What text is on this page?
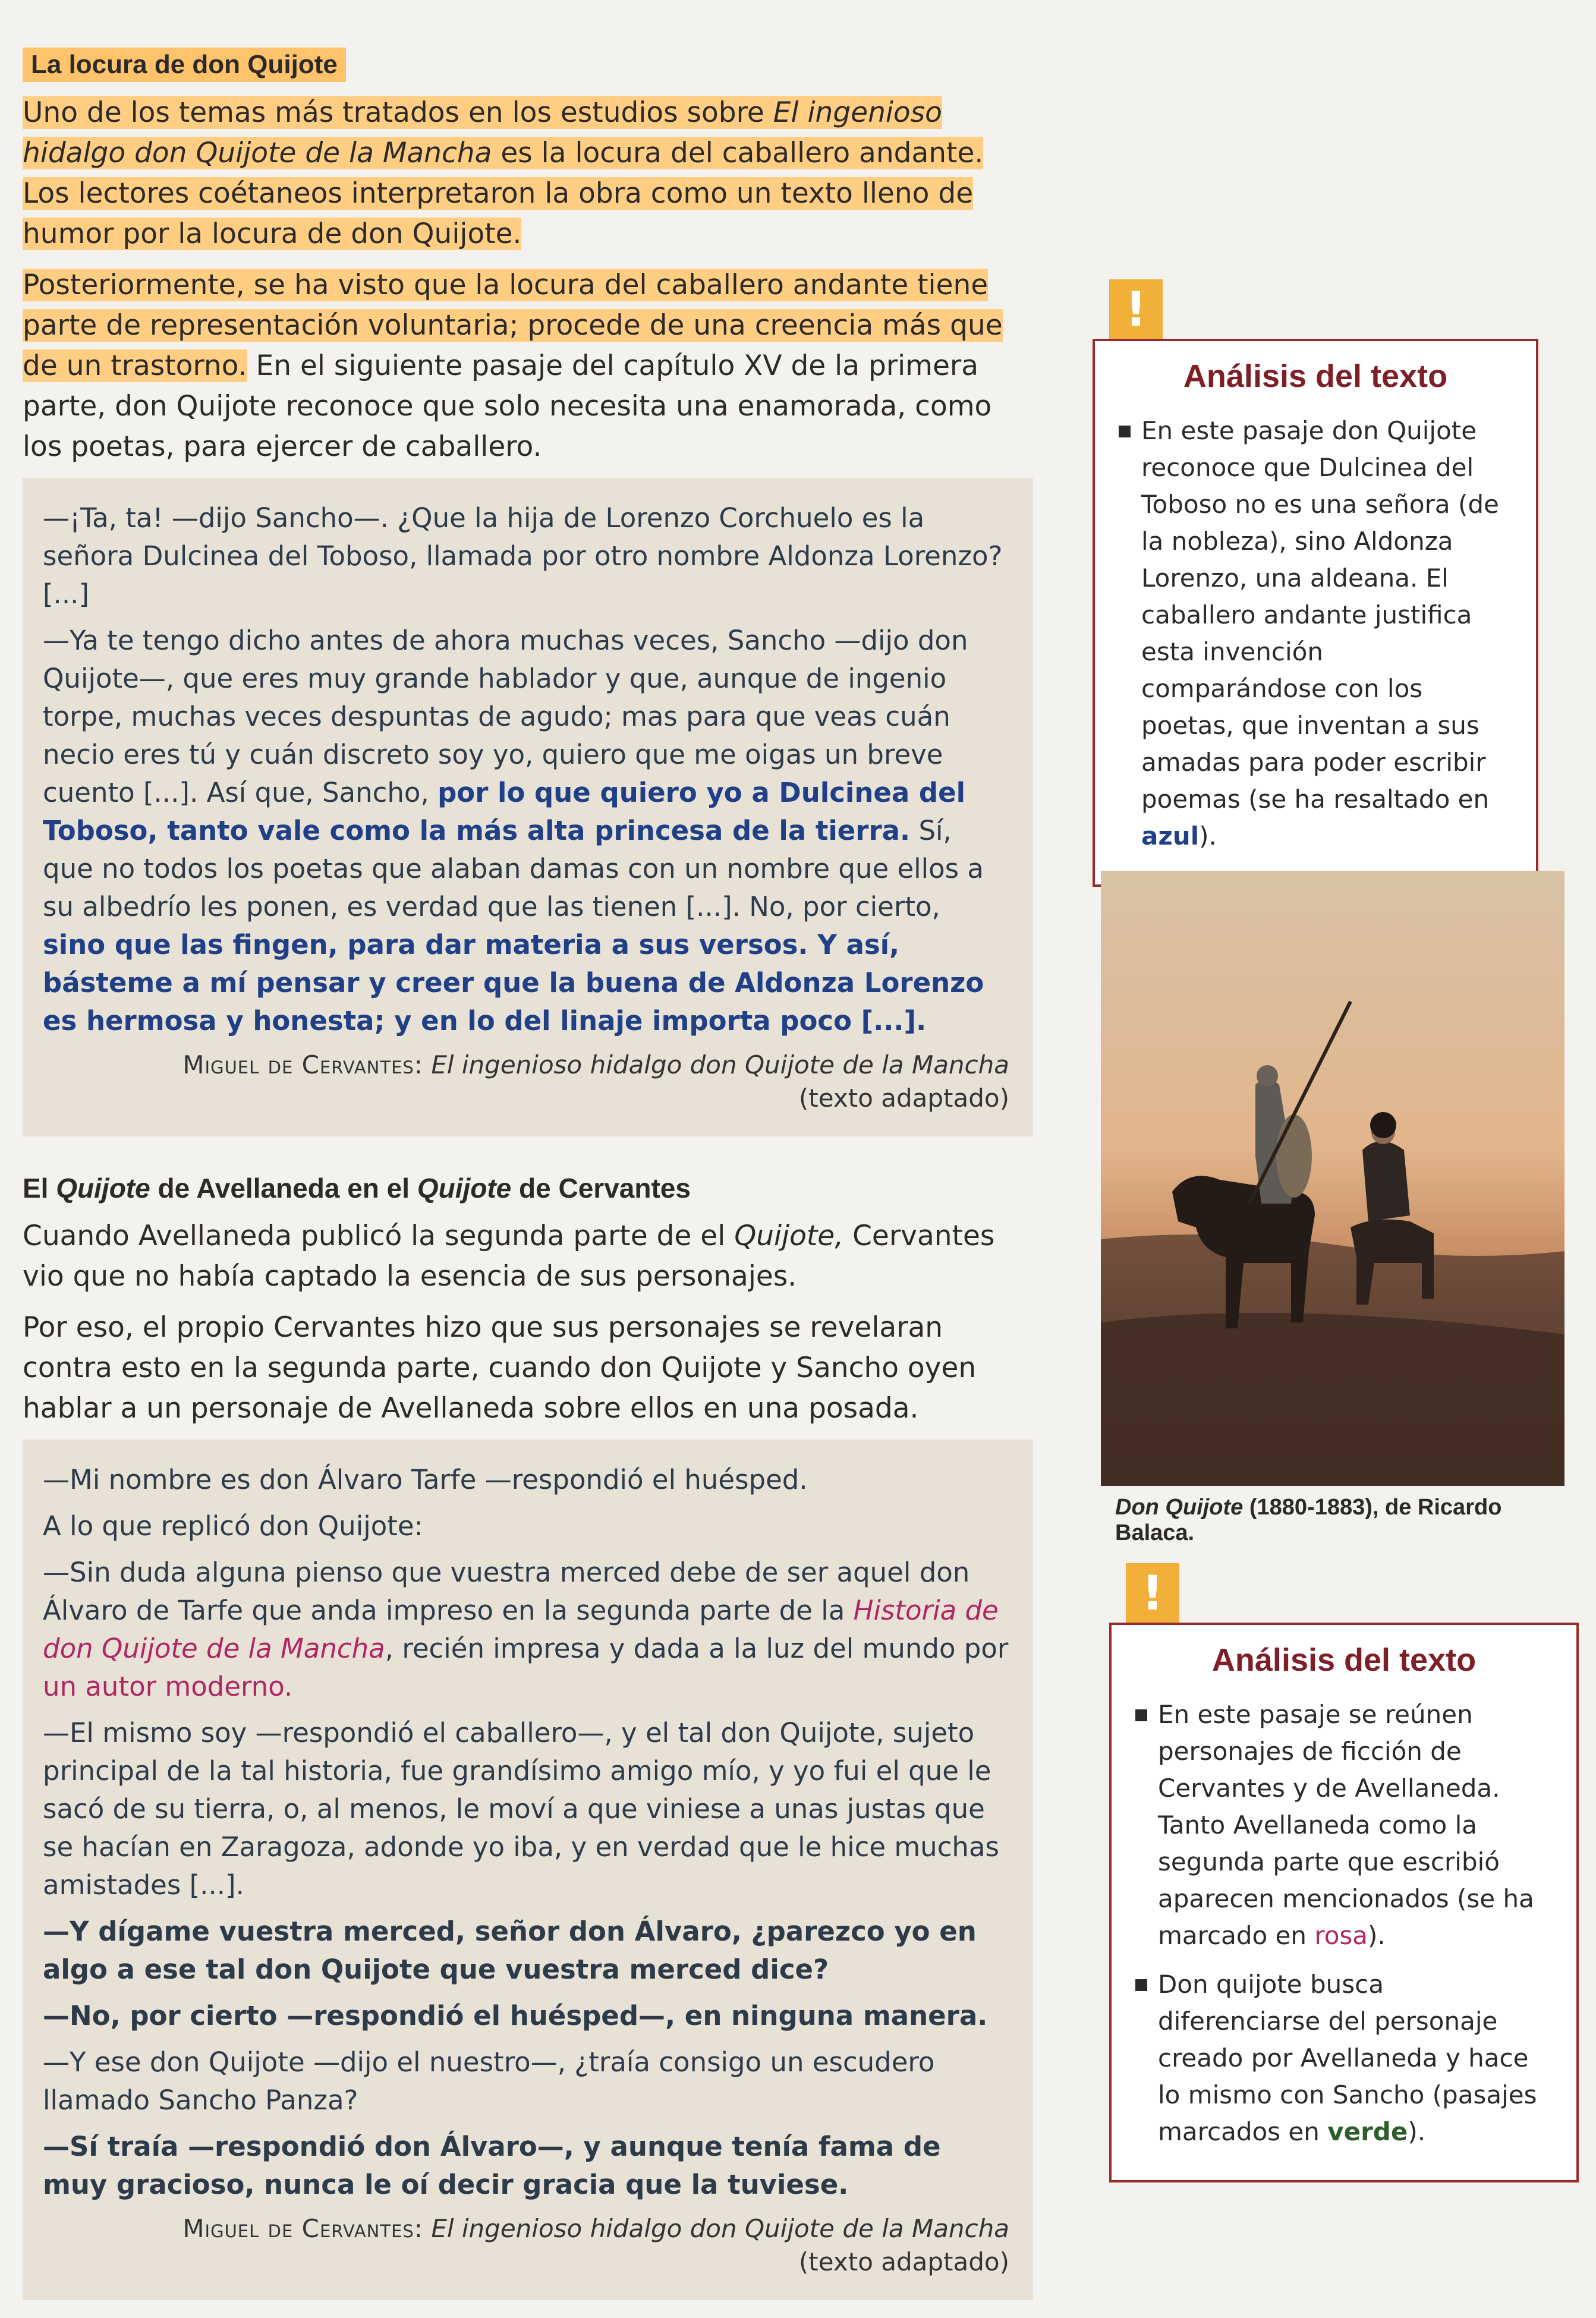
La locura de don Quijote

Uno de los temas más tratados en los estudios sobre El ingenioso hidalgo don Quijote de la Mancha es la locura del caballero andante. Los lectores coétaneos interpretaron la obra como un texto lleno de humor por la locura de don Quijote.

Posteriormente, se ha visto que la locura del caballero andante tiene parte de representación voluntaria; procede de una creencia más que de un trastorno. En el siguiente pasaje del capítulo XV de la primera parte, don Quijote reconoce que solo necesita una enamorada, como los poetas, para ejercer de caballero.

—¡Ta, ta! —dijo Sancho—. ¿Que la hija de Lorenzo Corchuelo es la señora Dulcinea del Toboso, llamada por otro nombre Aldonza Lorenzo? [...]

—Ya te tengo dicho antes de ahora muchas veces, Sancho —dijo don Quijote—, que eres muy grande hablador y que, aunque de ingenio torpe, muchas veces despuntas de agudo; mas para que veas cuán necio eres tú y cuán discreto soy yo, quiero que me oigas un breve cuento [...]. Así que, Sancho, por lo que quiero yo a Dulcinea del Toboso, tanto vale como la más alta princesa de la tierra. Sí, que no todos los poetas que alaban damas con un nombre que ellos a su albedrío les ponen, es verdad que las tienen [...]. No, por cierto, sino que las fingen, para dar materia a sus versos. Y así, básteme a mí pensar y creer que la buena de Aldonza Lorenzo es hermosa y honesta; y en lo del linaje importa poco [...].

Miguel de Cervantes: El ingenioso hidalgo don Quijote de la Mancha
(texto adaptado)
El Quijote de Avellaneda en el Quijote de Cervantes

Cuando Avellaneda publicó la segunda parte de el Quijote, Cervantes vio que no había captado la esencia de sus personajes.

Por eso, el propio Cervantes hizo que sus personajes se revelaran contra esto en la segunda parte, cuando don Quijote y Sancho oyen hablar a un personaje de Avellaneda sobre ellos en una posada.

—Mi nombre es don Álvaro Tarfe —respondió el huésped.

A lo que replicó don Quijote:

—Sin duda alguna pienso que vuestra merced debe de ser aquel don Álvaro de Tarfe que anda impreso en la segunda parte de la Historia de don Quijote de la Mancha, recién impresa y dada a la luz del mundo por un autor moderno.

—El mismo soy —respondió el caballero—, y el tal don Quijote, sujeto principal de la tal historia, fue grandísimo amigo mío, y yo fui el que le sacó de su tierra, o, al menos, le moví a que viniese a unas justas que se hacían en Zaragoza, adonde yo iba, y en verdad que le hice muchas amistades [...].

—Y dígame vuestra merced, señor don Álvaro, ¿parezco yo en algo a ese tal don Quijote que vuestra merced dice?

—No, por cierto —respondió el huésped—, en ninguna manera.

—Y ese don Quijote —dijo el nuestro—, ¿traía consigo un escudero llamado Sancho Panza?

—Sí traía —respondió don Álvaro—, y aunque tenía fama de muy gracioso, nunca le oí decir gracia que la tuviese.

Miguel de Cervantes: El ingenioso hidalgo don Quijote de la Mancha
(texto adaptado)
!
Análisis del texto
En este pasaje don Quijote reconoce que Dulcinea del Toboso no es una señora (de la nobleza), sino Aldonza Lorenzo, una aldeana. El caballero andante justifica esta invención comparándose con los poetas, que inventan a sus amadas para poder escribir poemas (se ha resaltado en azul).
Don Quijote (1880-1883), de Ricardo Balaca.
!
Análisis del texto
En este pasaje se reúnen personajes de ficción de Cervantes y de Avellaneda. Tanto Avellaneda como la segunda parte que escribió aparecen mencionados (se ha marcado en rosa).
Don quijote busca diferenciarse del personaje creado por Avellaneda y hace lo mismo con Sancho (pasajes marcados en verde).
